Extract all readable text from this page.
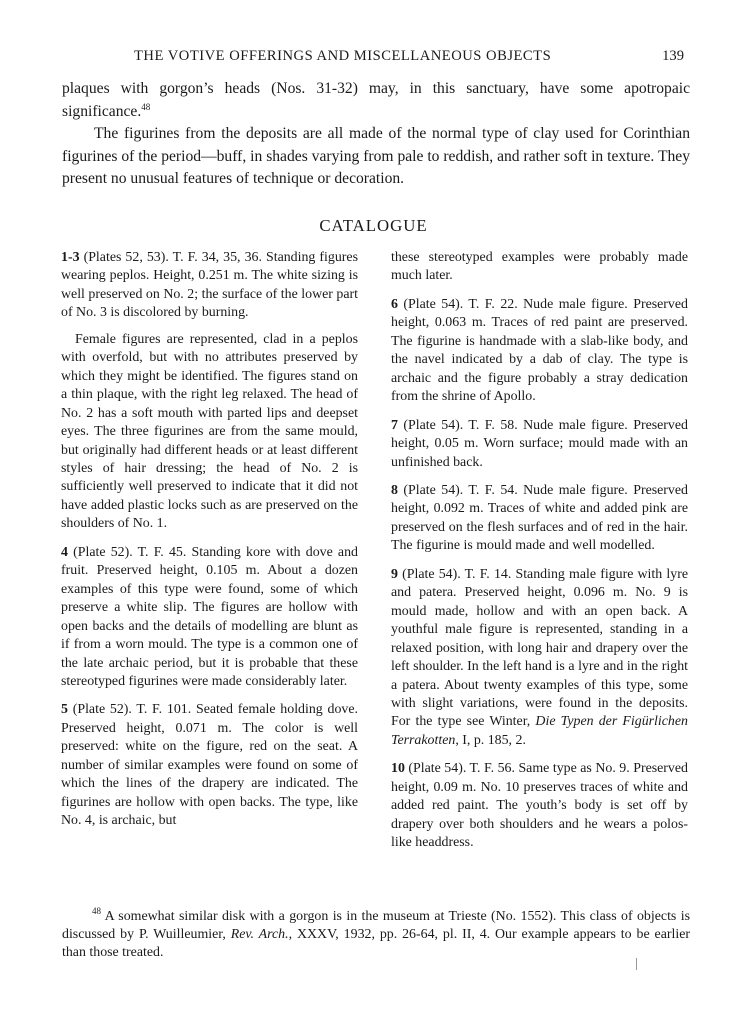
THE VOTIVE OFFERINGS AND MISCELLANEOUS OBJECTS	139

plaques with gorgon’s heads (Nos. 31-32) may, in this sanctuary, have some apotropaic significance.$^{48}$

The figurines from the deposits are all made of the normal type of clay used for Corinthian figurines of the period—buff, in shades varying from pale to reddish, and rather soft in texture. They present no unusual features of technique or decoration.

CATALOGUE

1-3 (Plates 52, 53). T. F. 34, 35, 36. Standing figures wearing peplos. Height, 0.251 m. The white sizing is well preserved on No. 2; the surface of the lower part of No. 3 is discolored by burning.

Female figures are represented, clad in a peplos with overfold, but with no attributes preserved by which they might be identified. The figures stand on a thin plaque, with the right leg relaxed. The head of No. 2 has a soft mouth with parted lips and deepset eyes. The three figurines are from the same mould, but originally had different heads or at least different styles of hair dressing; the head of No. 2 is sufficiently well preserved to indicate that it did not have added plastic locks such as are preserved on the shoulders of No. 1.

4 (Plate 52). T. F. 45. Standing kore with dove and fruit. Preserved height, 0.105 m. About a dozen examples of this type were found, some of which preserve a white slip. The figures are hollow with open backs and the details of modelling are blunt as if from a worn mould. The type is a common one of the late archaic period, but it is probable that these stereotyped figurines were made considerably later.

5 (Plate 52). T. F. 101. Seated female holding dove. Preserved height, 0.071 m. The color is well preserved: white on the figure, red on the seat. A number of similar examples were found on some of which the lines of the drapery are indicated. The figurines are hollow with open backs. The type, like No. 4, is archaic, but

these stereotyped examples were probably made much later.

6 (Plate 54). T. F. 22. Nude male figure. Preserved height, 0.063 m. Traces of red paint are preserved. The figurine is handmade with a slab-like body, and the navel indicated by a dab of clay. The type is archaic and the figure probably a stray dedication from the shrine of Apollo.

7 (Plate 54). T. F. 58. Nude male figure. Preserved height, 0.05 m. Worn surface; mould made with an unfinished back.

8 (Plate 54). T. F. 54. Nude male figure. Preserved height, 0.092 m. Traces of white and added pink are preserved on the flesh surfaces and of red in the hair. The figurine is mould made and well modelled.

9 (Plate 54). T. F. 14. Standing male figure with lyre and patera. Preserved height, 0.096 m. No. 9 is mould made, hollow and with an open back. A youthful male figure is represented, standing in a relaxed position, with long hair and drapery over the left shoulder. In the left hand is a lyre and in the right a patera. About twenty examples of this type, some with slight variations, were found in the deposits. For the type see Winter, Die Typen der Figürlichen Terrakotten, I, p. 185, 2.

10 (Plate 54). T. F. 56. Same type as No. 9. Preserved height, 0.09 m. No. 10 preserves traces of white and added red paint. The youth’s body is set off by drapery over both shoulders and he wears a polos-like headdress.

$^{48}$ A somewhat similar disk with a gorgon is in the museum at Trieste (No. 1552). This class of objects is discussed by P. Wuilleumier, Rev. Arch., XXXV, 1932, pp. 26-64, pl. II, 4. Our example appears to be earlier than those treated.
